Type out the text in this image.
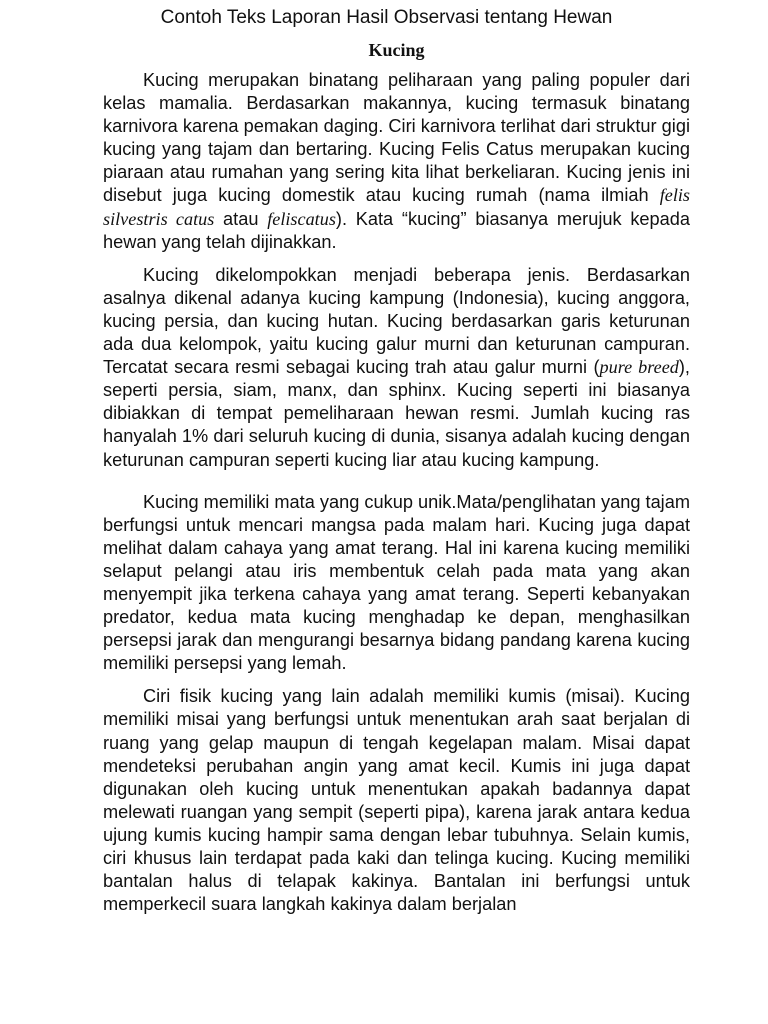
Contoh Teks Laporan Hasil Observasi tentang Hewan
Kucing

Kucing merupakan binatang peliharaan yang paling populer dari kelas mamalia. Berdasarkan makannya, kucing termasuk binatang karnivora karena pemakan daging. Ciri karnivora terlihat dari struktur gigi kucing yang tajam dan bertaring. Kucing Felis Catus merupakan kucing piaraan atau rumahan yang sering kita lihat berkeliaran. Kucing jenis ini disebut juga kucing domestik atau kucing rumah (nama ilmiah felis silvestris catus atau feliscatus). Kata “kucing” biasanya merujuk kepada hewan yang telah dijinakkan.

Kucing dikelompokkan menjadi beberapa jenis. Berdasarkan asalnya dikenal adanya kucing kampung (Indonesia), kucing anggora, kucing persia, dan kucing hutan. Kucing berdasarkan garis keturunan ada dua kelompok, yaitu kucing galur murni dan keturunan campuran. Tercatat secara resmi sebagai kucing trah atau galur murni (pure breed), seperti persia, siam, manx, dan sphinx. Kucing seperti ini biasanya dibiakkan di tempat pemeliharaan hewan resmi. Jumlah kucing ras hanyalah 1% dari seluruh kucing di dunia, sisanya adalah kucing dengan keturunan campuran seperti kucing liar atau kucing kampung.

Kucing memiliki mata yang cukup unik.Mata/penglihatan yang tajam berfungsi untuk mencari mangsa pada malam hari. Kucing juga dapat melihat dalam cahaya yang amat terang. Hal ini karena kucing memiliki selaput pelangi atau iris membentuk celah pada mata yang akan menyempit jika terkena cahaya yang amat terang. Seperti kebanyakan predator, kedua mata kucing menghadap ke depan, menghasilkan persepsi jarak dan mengurangi besarnya bidang pandang karena kucing memiliki persepsi yang lemah.

Ciri fisik kucing yang lain adalah memiliki kumis (misai). Kucing memiliki misai yang berfungsi untuk menentukan arah saat berjalan di ruang yang gelap maupun di tengah kegelapan malam. Misai dapat mendeteksi perubahan angin yang amat kecil. Kumis ini juga dapat digunakan oleh kucing untuk menentukan apakah badannya dapat melewati ruangan yang sempit (seperti pipa), karena jarak antara kedua ujung kumis kucing hampir sama dengan lebar tubuhnya. Selain kumis, ciri khusus lain terdapat pada kaki dan telinga kucing. Kucing memiliki bantalan halus di telapak kakinya. Bantalan ini berfungsi untuk memperkecil suara langkah kakinya dalam berjalan
